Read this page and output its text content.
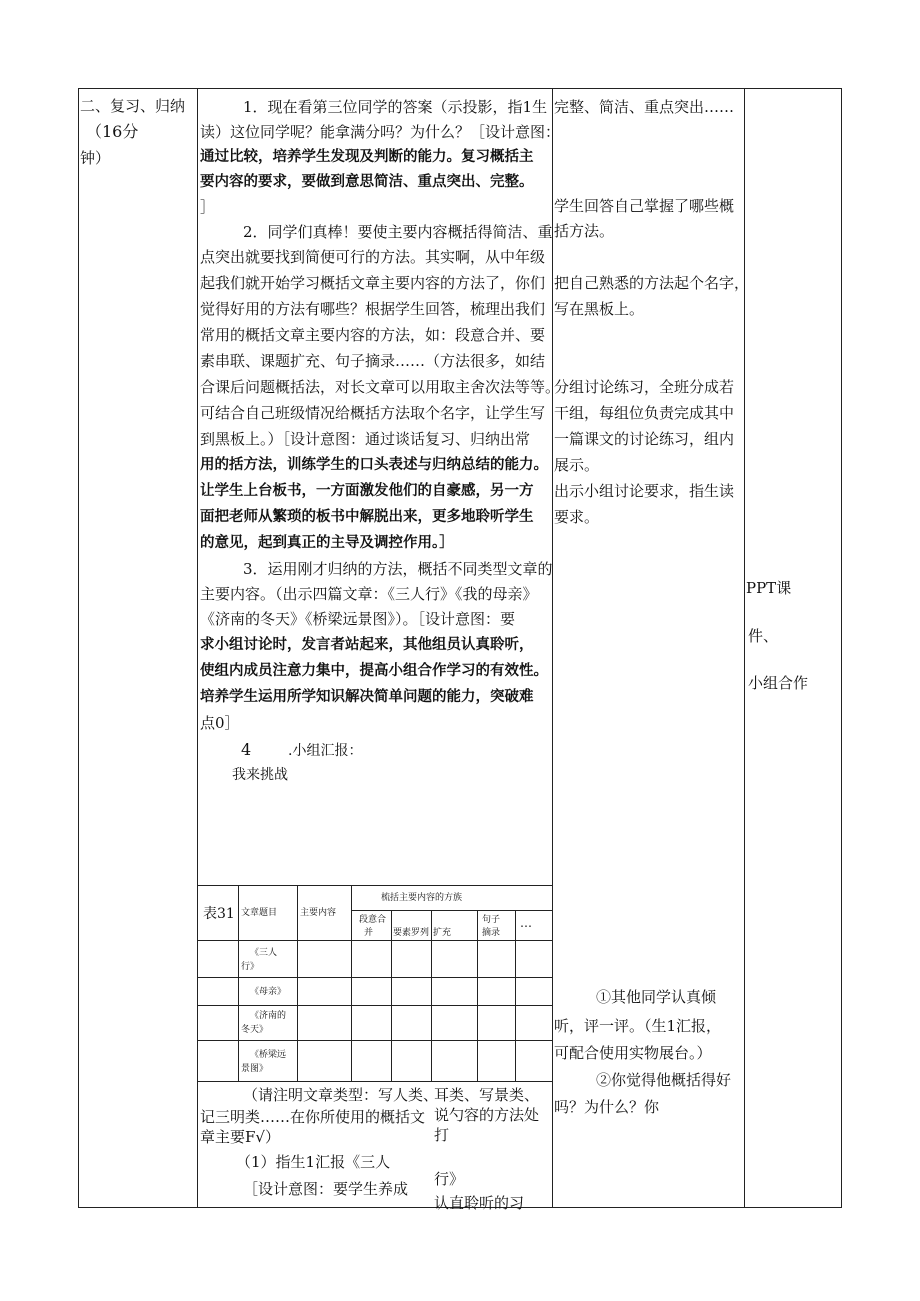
二、复习、归纳
（16分
钟）
1．现在看第三位同学的答案（示投影，指1生
读）这位同学呢？能拿满分吗？为什么？［设计意图：
通过比较，培养学生发现及判断的能力。复习概括主
要内容的要求，要做到意思简洁、重点突出、完整。
］
2．同学们真棒！要使主要内容概括得简洁、重
点突出就要找到简便可行的方法。其实啊，从中年级
起我们就开始学习概括文章主要内容的方法了，你们
觉得好用的方法有哪些？根据学生回答，梳理出我们
常用的概括文章主要内容的方法，如：段意合并、要
素串联、课题扩充、句子摘录……（方法很多，如结
合课后问题概括法，对长文章可以用取主舍次法等等。
可结合自己班级情况给概括方法取个名字，让学生写
到黑板上。）［设计意图：通过谈话复习、归纳出常
用的括方法，训练学生的口头表述与归纳总结的能力。
让学生上台板书，一方面激发他们的自豪感，另一方
面把老师从繁琐的板书中解脱出来，更多地聆听学生
的意见，起到真正的主导及调控作用。］
3．运用刚才归纳的方法，概括不同类型文章的
主要内容。（出示四篇文章：《三人行》《我的母亲》
《济南的冬天》《桥梁远景图》）。［设计意图：要
求小组讨论时，发言者站起来，其他组员认真聆听，
使组内成员注意力集中，提高小组合作学习的有效性。
培养学生运用所学知识解决简单问题的能力，突破难
点0］
4	.小组汇报：
我来挑战
表31 文章题目	主要内容
梳括主要内容的方族
段意合
并 要素罗列 扩充
句子
摘录
…
《三人
行》
《母亲》
《济南的
冬天》
《桥梁远
景图》
（请注明文章类型：写人类、
记三明类……在你所使用的概括文
章主要F√）
（1）指生1汇报《三人
［设计意图：要学生养成
耳类、写景类、
说勺容的方法处
打
行》
认直聆听的习
完整、简洁、重点突出……
学生回答自己掌握了哪些概
括方法。
把自己熟悉的方法起个名字，
写在黑板上。
分组讨论练习，全班分成若
干组，每组位负责完成其中
一篇课文的讨论练习，组内
展示。
出示小组讨论要求，指生读
要求。
①其他同学认真倾
听，评一评。（生1汇报，
可配合使用实物展台。）
②你觉得他概括得好
吗？为什么？你
PPT课
件、
小组合作
